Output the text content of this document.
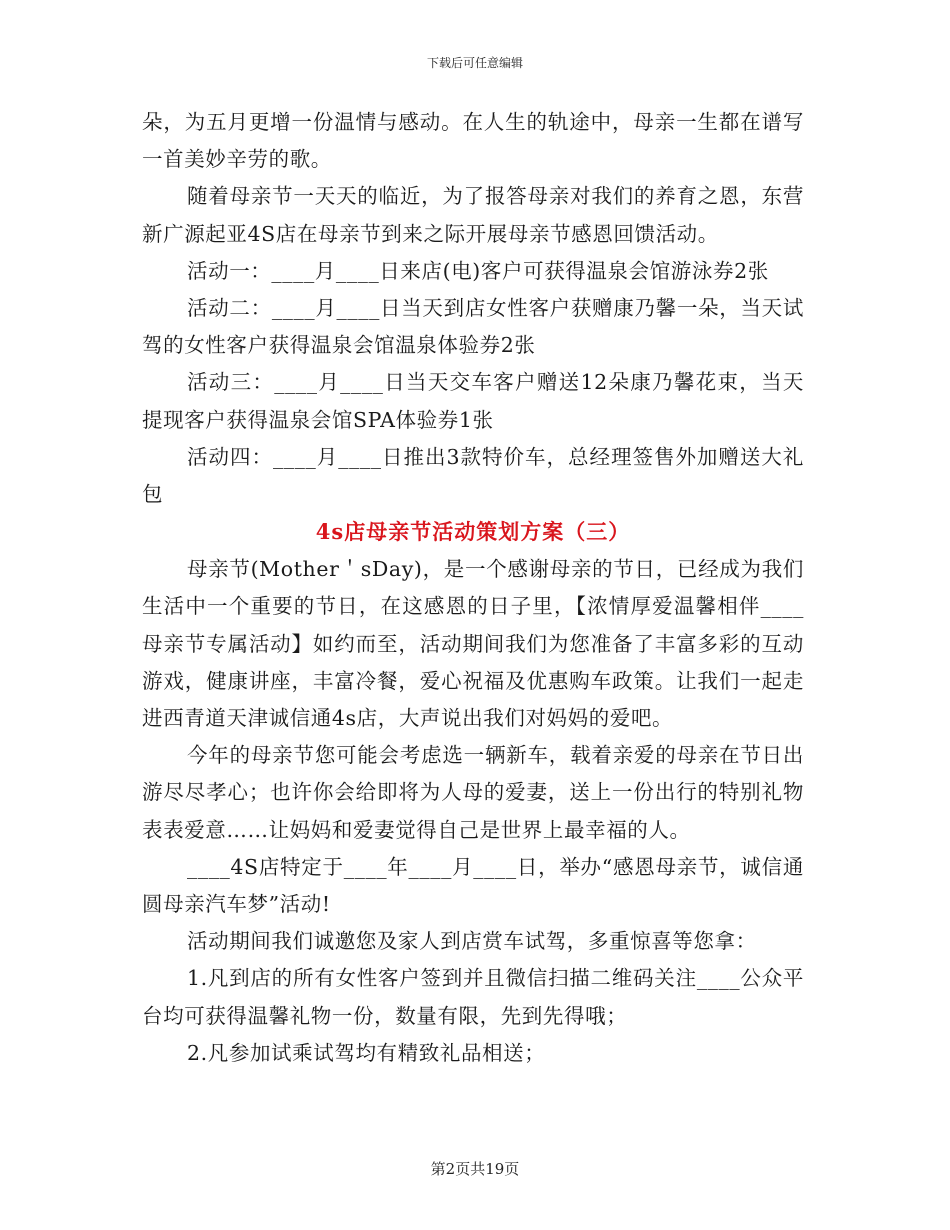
下载后可任意编辑

朵，为五月更增一份温情与感动。在人生的轨途中，母亲一生都在谱写一首美妙辛劳的歌。

随着母亲节一天天的临近，为了报答母亲对我们的养育之恩，东营新广源起亚4S店在母亲节到来之际开展母亲节感恩回馈活动。

活动一：____月____日来店(电)客户可获得温泉会馆游泳券2张

活动二：____月____日当天到店女性客户获赠康乃馨一朵，当天试驾的女性客户获得温泉会馆温泉体验券2张

活动三：____月____日当天交车客户赠送12朵康乃馨花束，当天提现客户获得温泉会馆SPA体验券1张

活动四：____月____日推出3款特价车，总经理签售外加赠送大礼包

4s店母亲节活动策划方案（三）

母亲节(Mother＇sDay)，是一个感谢母亲的节日，已经成为我们生活中一个重要的节日，在这感恩的日子里，【浓情厚爱温馨相伴____母亲节专属活动】如约而至，活动期间我们为您准备了丰富多彩的互动游戏，健康讲座，丰富冷餐，爱心祝福及优惠购车政策。让我们一起走进西青道天津诚信通4s店，大声说出我们对妈妈的爱吧。

今年的母亲节您可能会考虑选一辆新车，载着亲爱的母亲在节日出游尽尽孝心；也许你会给即将为人母的爱妻，送上一份出行的特别礼物表表爱意……让妈妈和爱妻觉得自己是世界上最幸福的人。

____4S店特定于____年____月____日，举办“感恩母亲节，诚信通圆母亲汽车梦”活动!

活动期间我们诚邀您及家人到店赏车试驾，多重惊喜等您拿：

1.凡到店的所有女性客户签到并且微信扫描二维码关注____公众平台均可获得温馨礼物一份，数量有限，先到先得哦；

2.凡参加试乘试驾均有精致礼品相送；

第2页共19页
